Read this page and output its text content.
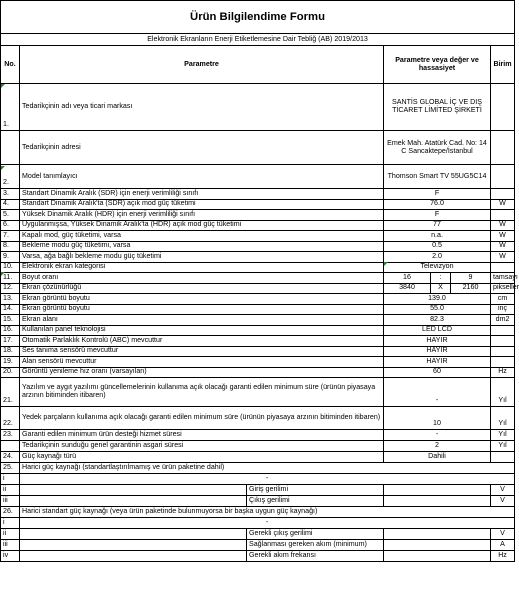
Ürün Bilgilendime Formu						
Elektronik Ekranların Enerji Etiketlemesine Dair Tebliğ (AB) 2019/2013						
No.	Parametre		Parametre veya değer ve hassasiyet			Birim
1.	Tedarikçinin adı veya ticari markası		SANTİS GLOBAL İÇ VE DIŞ TİCARET LİMİTED ŞİRKETİ			
	Tedarikçinin adresi		Emek Mah. Atatürk Cad. No: 14 C Sancaktepe/İstanbul			
2.	Model tanımlayıcı		Thomson Smart TV 55UG5C14			
3.	Standart Dinamik Aralık (SDR) için enerji verimliliği sınıfı		F			
4.	Standart Dinamik Aralık'ta (SDR) açık mod güç tüketimi		76.0			W
5.	Yüksek Dinamik Aralık (HDR) için enerji verimliliği sınıfı		F			
6.	Uygulanmışsa, Yüksek Dinamik Aralık'ta (HDR) açık mod güç tüketimi		77			W
7.	Kapalı mod, güç tüketimi, varsa		n.a.			W
8.	Bekleme modu güç tüketimi, varsa		0.5			W
9.	Varsa, ağa bağlı bekleme modu güç tüketimi		2.0			W
10.	Elektronik ekran kategorisi		Televizyon			
11.	Boyut oranı		16	:	9	tamsayı
12.	Ekran çözünürlüğü		3840	X	2160	pikseller
13.	Ekran görüntü boyutu		139.0			cm
14.	Ekran görüntü boyutu		55.0			inç
15.	Ekran alanı		82.3			dm2
16.	Kullanılan panel teknolojisi		LED LCD			
17.	Otomatik Parlaklık Kontrolü (ABC) mevcuttur		HAYIR			
18.	Ses tanıma sensörü mevcuttur		HAYIR			
19.	Alan sensörü mevcuttur		HAYIR			
20.	Görüntü yenileme hız oranı (varsayılan)		60			Hz
21.	Yazılım ve aygıt yazılımı güncellemelerinin kullanıma açık olacağı garanti edilen minimum süre (ürünün piyasaya arzının bitiminden itibaren)		-			Yıl
22.	Yedek parçaların kullanıma açık olacağı garanti edilen minimum süre (ürünün piyasaya arzının bitiminden itibaren)		10			Yıl
23.	Garanti edilen minimum ürün desteği hizmet süresi		-			Yıl
	Tedarikçinin sunduğu genel garantinin asgari süresi		2			Yıl
24.	Güç kaynağı türü		Dahili			
25.	Harici güç kaynağı (standartlaştırılmamış ve ürün paketine dahil)					
i	-					
ii		Giriş gerilimi				V
iii		Çıkış gerilimi				V
26.	Harici standart güç kaynağı (veya ürün paketinde bulunmuyorsa bir başka uygun güç kaynağı)					
i	-					
ii		Gerekli çıkış gerilimi				V
iii		Sağlanması gereken akım (minimum)				A
iv		Gerekli akım frekansı				Hz
